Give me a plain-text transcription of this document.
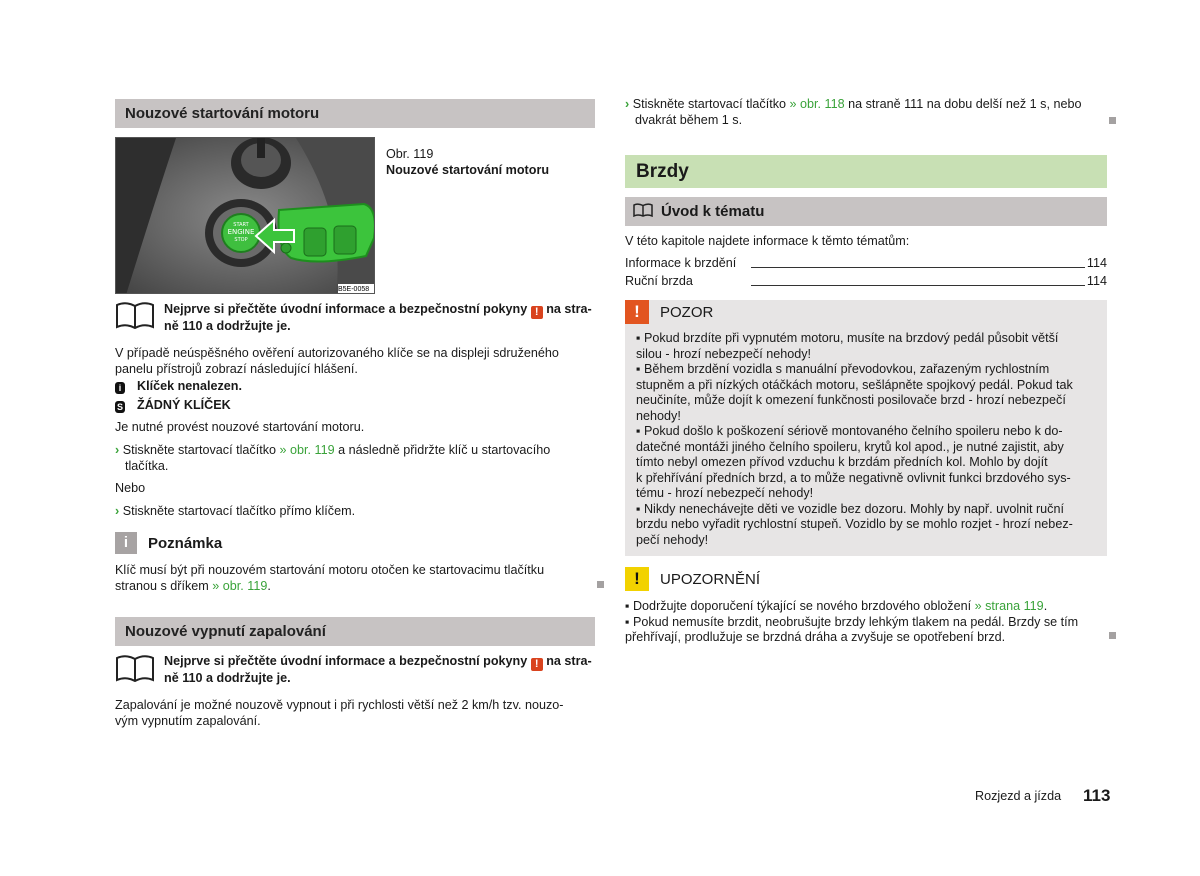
Nouzové startování motoru
START
ENGINE
STOP
B5E-0058
Obr. 119
Nouzové startování motoru
Nejprve si přečtěte úvodní informace a bezpečnostní pokyny ! na stra-
ně 110 a dodržujte je.
V případě neúspěšného ověření autorizovaného klíče se na displeji sdruženého
panelu přístrojů zobrazí následující hlášení.
i Klíček nenalezen.
S ŽÁDNÝ KLÍČEK
Je nutné provést nouzové startování motoru.
› Stiskněte startovací tlačítko » obr. 119 a následně přidržte klíč u startovacího
tlačítka.
Nebo
› Stiskněte startovací tlačítko přímo klíčem.
i	Poznámka
Klíč musí být při nouzovém startování motoru otočen ke startovacimu tlačítku
stranou s dříkem » obr. 119.
Nouzové vypnutí zapalování
Nejprve si přečtěte úvodní informace a bezpečnostní pokyny ! na stra-
ně 110 a dodržujte je.
Zapalování je možné nouzově vypnout i při rychlosti větší než 2 km/h tzv. nouzo-
vým vypnutím zapalování.
› Stiskněte startovací tlačítko » obr. 118 na straně 111 na dobu delší než 1 s, nebo
dvakrát během 1 s.
Brzdy
Úvod k tématu
V této kapitole najdete informace k těmto tématům:
Informace k brzdění	114
Ruční brzda	114
!	POZOR
▪ Pokud brzdíte při vypnutém motoru, musíte na brzdový pedál působit větší
silou - hrozí nebezpečí nehody!
▪ Během brzdění vozidla s manuální převodovkou, zařazeným rychlostním
stupněm a při nízkých otáčkách motoru, sešlápněte spojkový pedál. Pokud tak
neučiníte, může dojít k omezení funkčnosti posilovače brzd - hrozí nebezpečí
nehody!
▪ Pokud došlo k poškození sériově montovaného čelního spoileru nebo k do-
datečné montáži jiného čelního spoileru, krytů kol apod., je nutné zajistit, aby
tímto nebyl omezen přívod vzduchu k brzdám předních kol. Mohlo by dojít
k přehřívání předních brzd, a to může negativně ovlivnit funkci brzdového sys-
tému - hrozí nebezpečí nehody!
▪ Nikdy nenechávejte děti ve vozidle bez dozoru. Mohly by např. uvolnit ruční
brzdu nebo vyřadit rychlostní stupeň. Vozidlo by se mohlo rozjet - hrozí nebez-
pečí nehody!
!	UPOZORNĚNÍ
▪ Dodržujte doporučení týkající se nového brzdového obložení » strana 119.
▪ Pokud nemusíte brzdit, neobrušujte brzdy lehkým tlakem na pedál. Brzdy se tím
přehřívají, prodlužuje se brzdná dráha a zvyšuje se opotřebení brzd.
Rozjezd a jízda 113
